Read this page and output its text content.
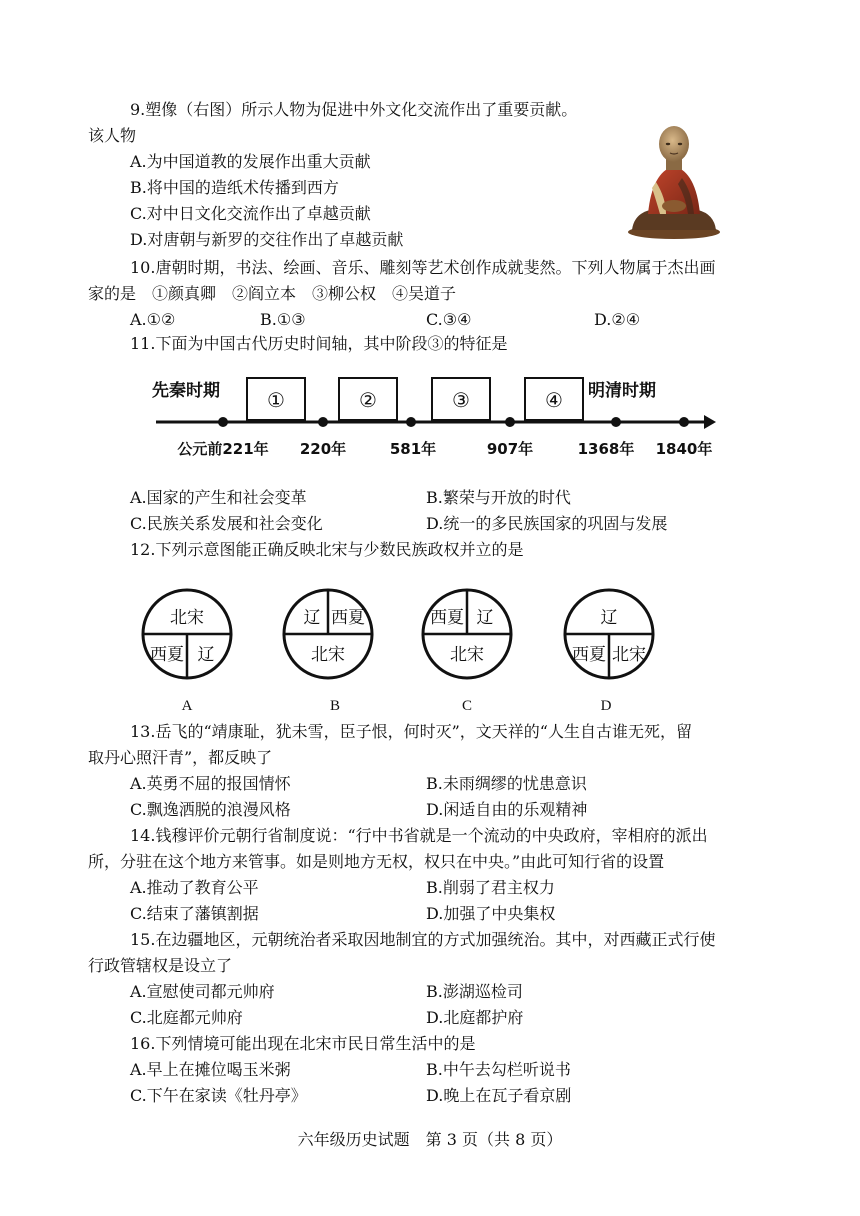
9.塑像（右图）所示人物为促进中外文化交流作出了重要贡献。
该人物
A.为中国道教的发展作出重大贡献
B.将中国的造纸术传播到西方
C.对中日文化交流作出了卓越贡献
D.对唐朝与新罗的交往作出了卓越贡献
10.唐朝时期，书法、绘画、音乐、雕刻等艺术创作成就斐然。下列人物属于杰出画
家的是　①颜真卿　②阎立本　③柳公权　④吴道子
A.①②	B.①③	C.③④	D.②④
11.下面为中国古代历史时间轴，其中阶段③的特征是
先秦时期	明清时期
①	②	③	④
公元前221年 220年	581年	907年	1368年 1840年
A.国家的产生和社会变革	B.繁荣与开放的时代
C.民族关系发展和社会变化	D.统一的多民族国家的巩固与发展
12.下列示意图能正确反映北宋与少数民族政权并立的是
北宋
西夏 辽
辽 西夏
北宋
西夏 辽
北宋
辽
西夏 北宋
A	B	C	D
13.岳飞的“靖康耻，犹未雪，臣子恨，何时灭”，文天祥的“人生自古谁无死，留
取丹心照汗青”，都反映了
A.英勇不屈的报国情怀	B.未雨绸缪的忧患意识
C.飘逸洒脱的浪漫风格	D.闲适自由的乐观精神
14.钱穆评价元朝行省制度说：“行中书省就是一个流动的中央政府，宰相府的派出
所，分驻在这个地方来管事。如是则地方无权，权只在中央。”由此可知行省的设置
A.推动了教育公平	B.削弱了君主权力
C.结束了藩镇割据	D.加强了中央集权
15.在边疆地区，元朝统治者采取因地制宜的方式加强统治。其中，对西藏正式行使
行政管辖权是设立了
A.宣慰使司都元帅府	B.澎湖巡检司
C.北庭都元帅府	D.北庭都护府
16.下列情境可能出现在北宋市民日常生活中的是
A.早上在摊位喝玉米粥	B.中午去勾栏听说书
C.下午在家读《牡丹亭》	D.晚上在瓦子看京剧
六年级历史试题　第 3 页（共 8 页）
